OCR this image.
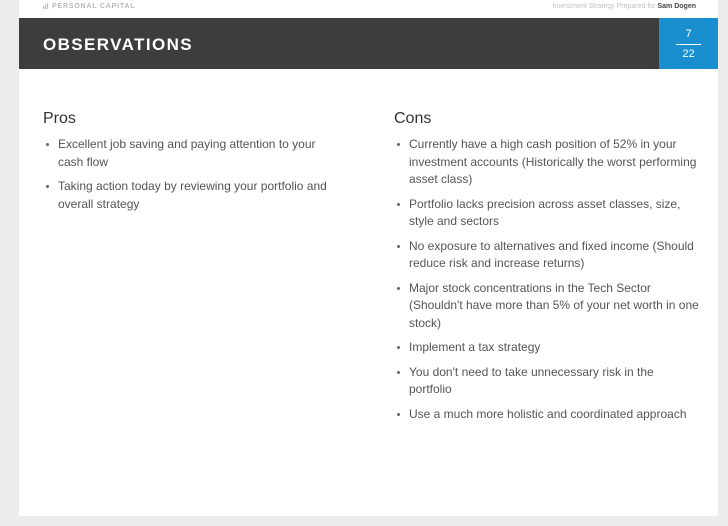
PERSONAL CAPITAL	Investment Strategy Prepared for Sam Dogen
OBSERVATIONS
7
22
Pros
Excellent job saving and paying attention to your cash flow
Taking action today by reviewing your portfolio and overall strategy
Cons
Currently have a high cash position of 52% in your investment accounts (Historically the worst performing asset class)
Portfolio lacks precision across asset classes, size, style and sectors
No exposure to alternatives and fixed income (Should reduce risk and increase returns)
Major stock concentrations in the Tech Sector (Shouldn't have more than 5% of your net worth in one stock)
Implement a tax strategy
You don't need to take unnecessary risk in the portfolio
Use a much more holistic and coordinated approach
